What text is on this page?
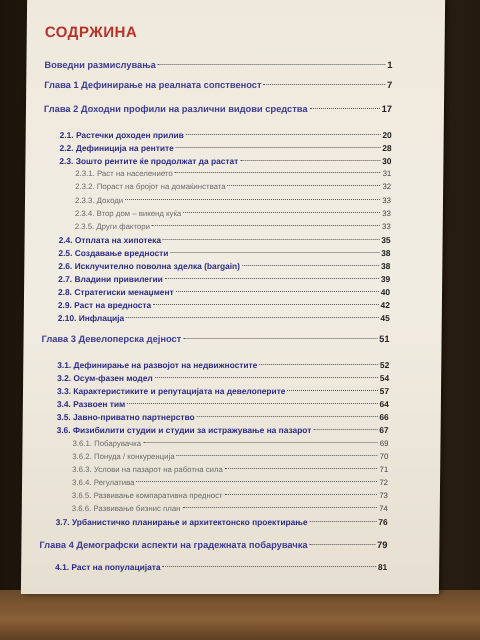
СОДРЖИНА
Воведни размислувања	1
Глава 1 Дефинирање на реалната сопственост	7
Глава 2 Доходни профили на различни видови средства	17
2.1. Растечки доходен прилив	20
2.2. Дефиниција на рентите	28
2.3. Зошто рентите ќе продолжат да растат	30
2.3.1. Раст на населението	31
2.3.2. Пораст на бројот на домаќинствата	32
2.3.3. Доходи	33
2.3.4. Втор дом – викенд куќа	33
2.3.5. Други фактори	33
2.4. Отплата на хипотека	35
2.5. Создавање вредности	38
2.6. Исклучително поволна зделка (bargain)	38
2.7. Владини привилегии	39
2.8. Стратегиски менаџмент	40
2.9. Раст на вредноста	42
2.10. Инфлација	45
Глава 3 Девелоперска дејност	51
3.1. Дефинирање на развојот на недвижностите	52
3.2. Осум-фазен модел	54
3.3. Карактеристиките и репутацијата на девелоперите	57
3.4. Развоен тим	64
3.5. Јавно-приватно партнерство	66
3.6. Физибилити студии и студии за истражување на пазарот	67
3.6.1. Побарувачка	69
3.6.2. Понуда / конкуренција	70
3.6.3. Услови на пазарот на работна сила	71
3.6.4. Регулатива	72
3.6.5. Развивање компаративна предност	73
3.6.6. Развивање бизнис план	74
3.7. Урбанистичко планирање и архитектонско проектирање	76
Глава 4 Демографски аспекти на градежната побарувачка	79
4.1. Раст на популацијата	81
